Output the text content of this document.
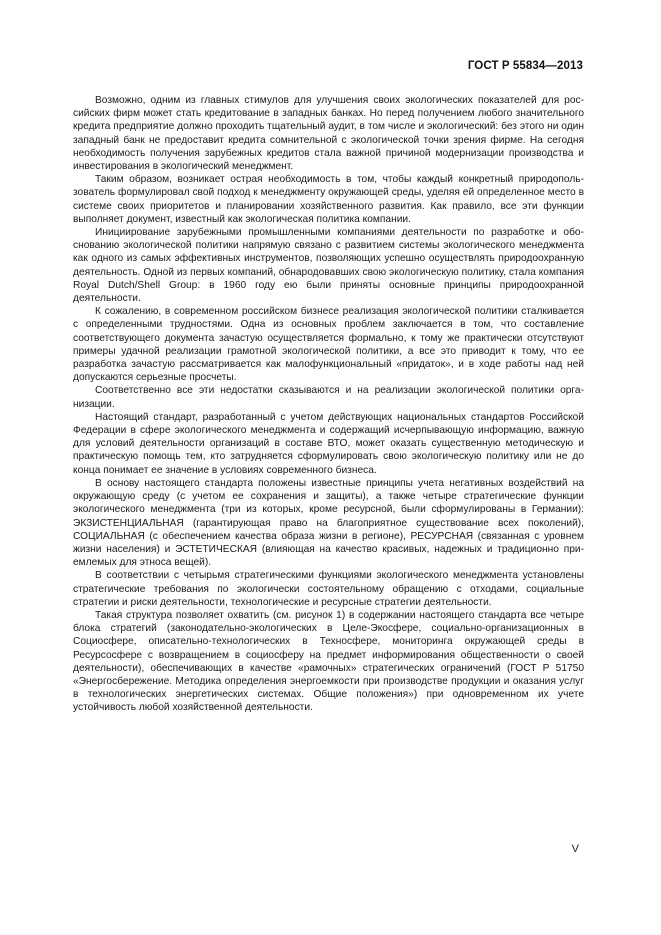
ГОСТ Р 55834—2013

Возможно, одним из главных стимулов для улучшения своих экологических показателей для российских фирм может стать кредитование в западных банках. Но перед получением любого значительного кредита предприятие должно проходить тщательный аудит, в том числе и экологический: без этого ни один западный банк не предоставит кредита сомнительной с экологической точки зрения фирме. На сегодня необходимость получения зарубежных кредитов стала важной причиной модернизации производства и инвестирования в экологический менеджмент.

Таким образом, возникает острая необходимость в том, чтобы каждый конкретный природопользователь формулировал свой подход к менеджменту окружающей среды, уделяя ей определенное место в системе своих приоритетов и планировании хозяйственного развития. Как правило, все эти функции выполняет документ, известный как экологическая политика компании.

Инициирование зарубежными промышленными компаниями деятельности по разработке и обоснованию экологической политики напрямую связано с развитием системы экологического менеджмента как одного из самых эффективных инструментов, позволяющих успешно осуществлять природоохранную деятельность. Одной из первых компаний, обнародовавших свою экологическую политику, стала компания Royal Dutch/Shell Group: в 1960 году ею были приняты основные принципы природоохранной деятельности.

К сожалению, в современном российском бизнесе реализация экологической политики сталкивается с определенными трудностями. Одна из основных проблем заключается в том, что составление соответствующего документа зачастую осуществляется формально, к тому же практически отсутствуют примеры удачной реализации грамотной экологической политики, а все это приводит к тому, что ее разработка зачастую рассматривается как малофункциональный «придаток», и в ходе работы над ней допускаются серьезные просчеты.

Соответственно все эти недостатки сказываются и на реализации экологической политики организации.

Настоящий стандарт, разработанный с учетом действующих национальных стандартов Российской Федерации в сфере экологического менеджмента и содержащий исчерпывающую информацию, важную для условий деятельности организаций в составе ВТО, может оказать существенную методическую и практическую помощь тем, кто затрудняется сформулировать свою экологическую политику или не до конца понимает ее значение в условиях современного бизнеса.

В основу настоящего стандарта положены известные принципы учета негативных воздействий на окружающую среду (с учетом ее сохранения и защиты), а также четыре стратегические функции экологического менеджмента (три из которых, кроме ресурсной, были сформулированы в Германии): ЭКЗИСТЕНЦИАЛЬНАЯ (гарантирующая право на благоприятное существование всех поколений), СОЦИАЛЬНАЯ (с обеспечением качества образа жизни в регионе), РЕСУРСНАЯ (связанная с уровнем жизни населения) и ЭСТЕТИЧЕСКАЯ (влияющая на качество красивых, надежных и традиционно приемлемых для этноса вещей).

В соответствии с четырьмя стратегическими функциями экологического менеджмента установлены стратегические требования по экологически состоятельному обращению с отходами, социальные стратегии и риски деятельности, технологические и ресурсные стратегии деятельности.

Такая структура позволяет охватить (см. рисунок 1) в содержании настоящего стандарта все четыре блока стратегий (законодательно-экологических в Целе-Экосфере, социально-организационных в Социосфере, описательно-технологических в Техносфере, мониторинга окружающей среды в Ресурсосфере с возвращением в социосферу на предмет информирования общественности о своей деятельности), обеспечивающих в качестве «рамочных» стратегических ограничений (ГОСТ Р 51750 «Энергосбережение. Методика определения энергоемкости при производстве продукции и оказания услуг в технологических энергетических системах. Общие положения») при одновременном их учете устойчивость любой хозяйственной деятельности.

V
